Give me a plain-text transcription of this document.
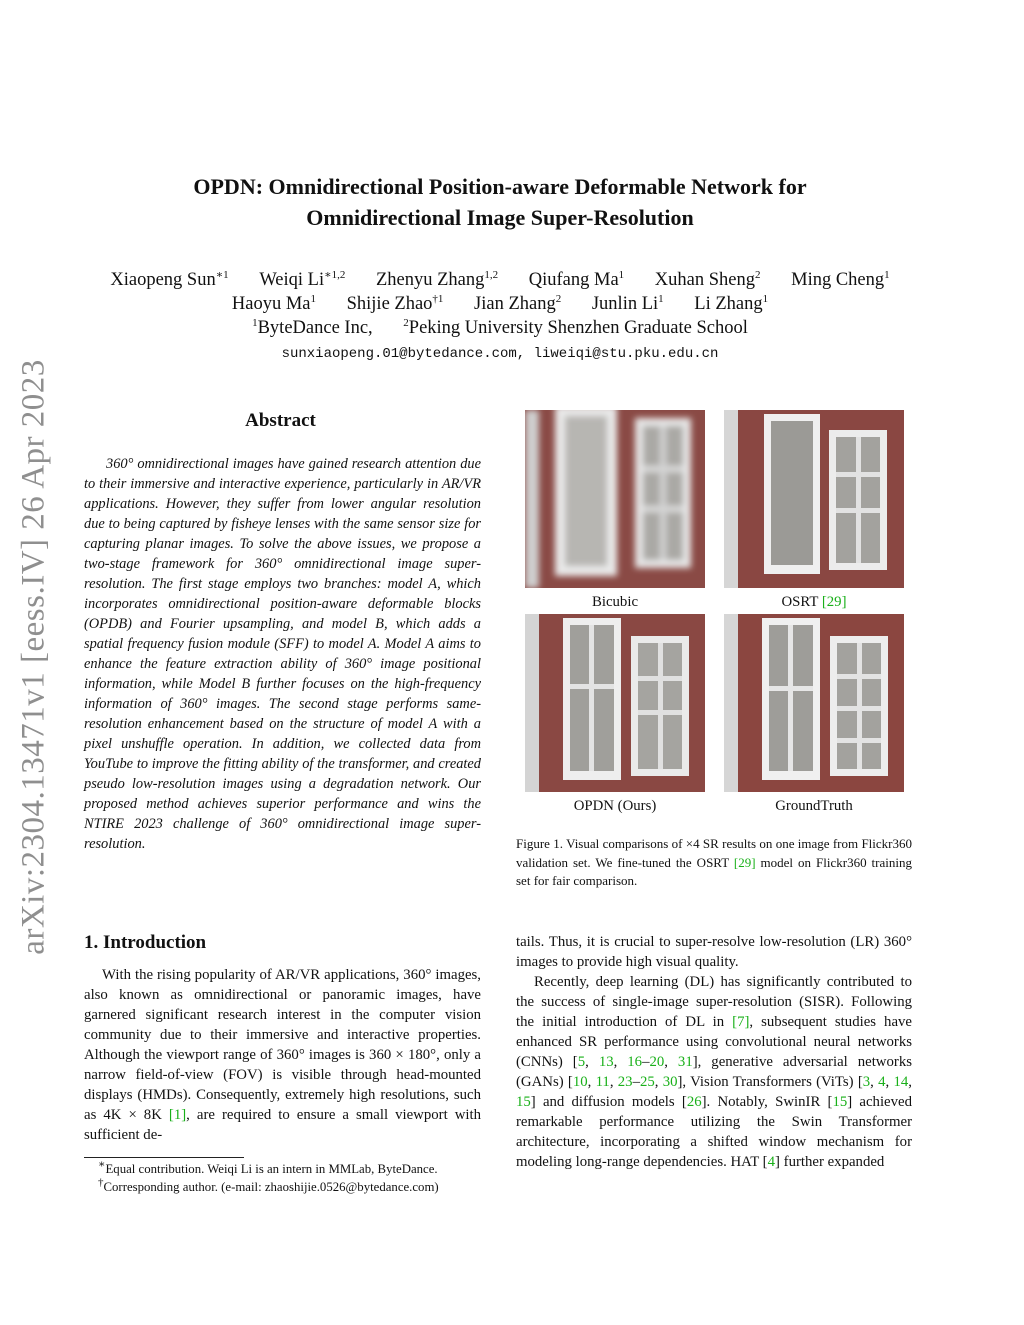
arXiv:2304.13471v1 [eess.IV] 26 Apr 2023
OPDN: Omnidirectional Position-aware Deformable Network for
Omnidirectional Image Super-Resolution
Xiaopeng Sun$^{∗1}$ Weiqi $Li^{∗1,2}$ Zhenyu Zhang$^{1,2}$ Qiufang Ma$^1$ Xuhan Sheng$^2$ Ming Cheng$^1$
Haoyu Ma$^1$ Shijie Zhao$^{\dagger 1}$ Jian Zhang$^2$ Junlin Li$^1$ Li Zhang$^1$
$^1$ByteDance Inc,	$^2$Peking University Shenzhen Graduate School
sunxiaopeng.01@bytedance.com, liweiqi@stu.pku.edu.cn
Abstract

360° omnidirectional images have gained research attention due to their immersive and interactive experience, particularly in AR/VR applications. However, they suffer from lower angular resolution due to being captured by fisheye lenses with the same sensor size for capturing planar images. To solve the above issues, we propose a two-stage framework for 360° omnidirectional image super-resolution. The first stage employs two branches: model A, which incorporates omnidirectional position-aware deformable blocks (OPDB) and Fourier upsampling, and model B, which adds a spatial frequency fusion module (SFF) to model A. Model A aims to enhance the feature extraction ability of 360° image positional information, while Model B further focuses on the high-frequency information of 360° images. The second stage performs same-resolution enhancement based on the structure of model A with a pixel unshuffle operation. In addition, we collected data from YouTube to improve the fitting ability of the transformer, and created pseudo low-resolution images using a degradation network. Our proposed method achieves superior performance and wins the NTIRE 2023 challenge of 360° omnidirectional image super-resolution.

Bicubic	OSRT [29]
OPDN (Ours)	GroundTruth

Figure 1. Visual comparisons of ×4 SR results on one image from Flickr360 validation set. We fine-tuned the OSRT [29] model on Flickr360 training set for fair comparison.

1. Introduction

With the rising popularity of AR/VR applications, 360° images, also known as omnidirectional or panoramic images, have garnered significant research interest in the computer vision community due to their immersive and interactive properties. Although the viewport range of 360° images is 360 × 180°, only a narrow field-of-view (FOV) is visible through head-mounted displays (HMDs). Consequently, extremely high resolutions, such as 4K × 8K [1], are required to ensure a small viewport with sufficient de-

tails. Thus, it is crucial to super-resolve low-resolution (LR) 360° images to provide high visual quality.

Recently, deep learning (DL) has significantly contributed to the success of single-image super-resolution (SISR). Following the initial introduction of DL in [7], subsequent studies have enhanced SR performance using convolutional neural networks (CNNs) [5, 13, 16–20, 31], generative adversarial networks (GANs) [10, 11, 23–25, 30], Vision Transformers (ViTs) [3, 4, 14, 15] and diffusion models [26]. Notably, SwinIR [15] achieved remarkable performance utilizing the Swin Transformer architecture, incorporating a shifted window mechanism for modeling long-range dependencies. HAT [4] further expanded

∗Equal contribution. Weiqi Li is an intern in MMLab, ByteDance.
†Corresponding author. (e-mail: zhaoshijie.0526@bytedance.com)
